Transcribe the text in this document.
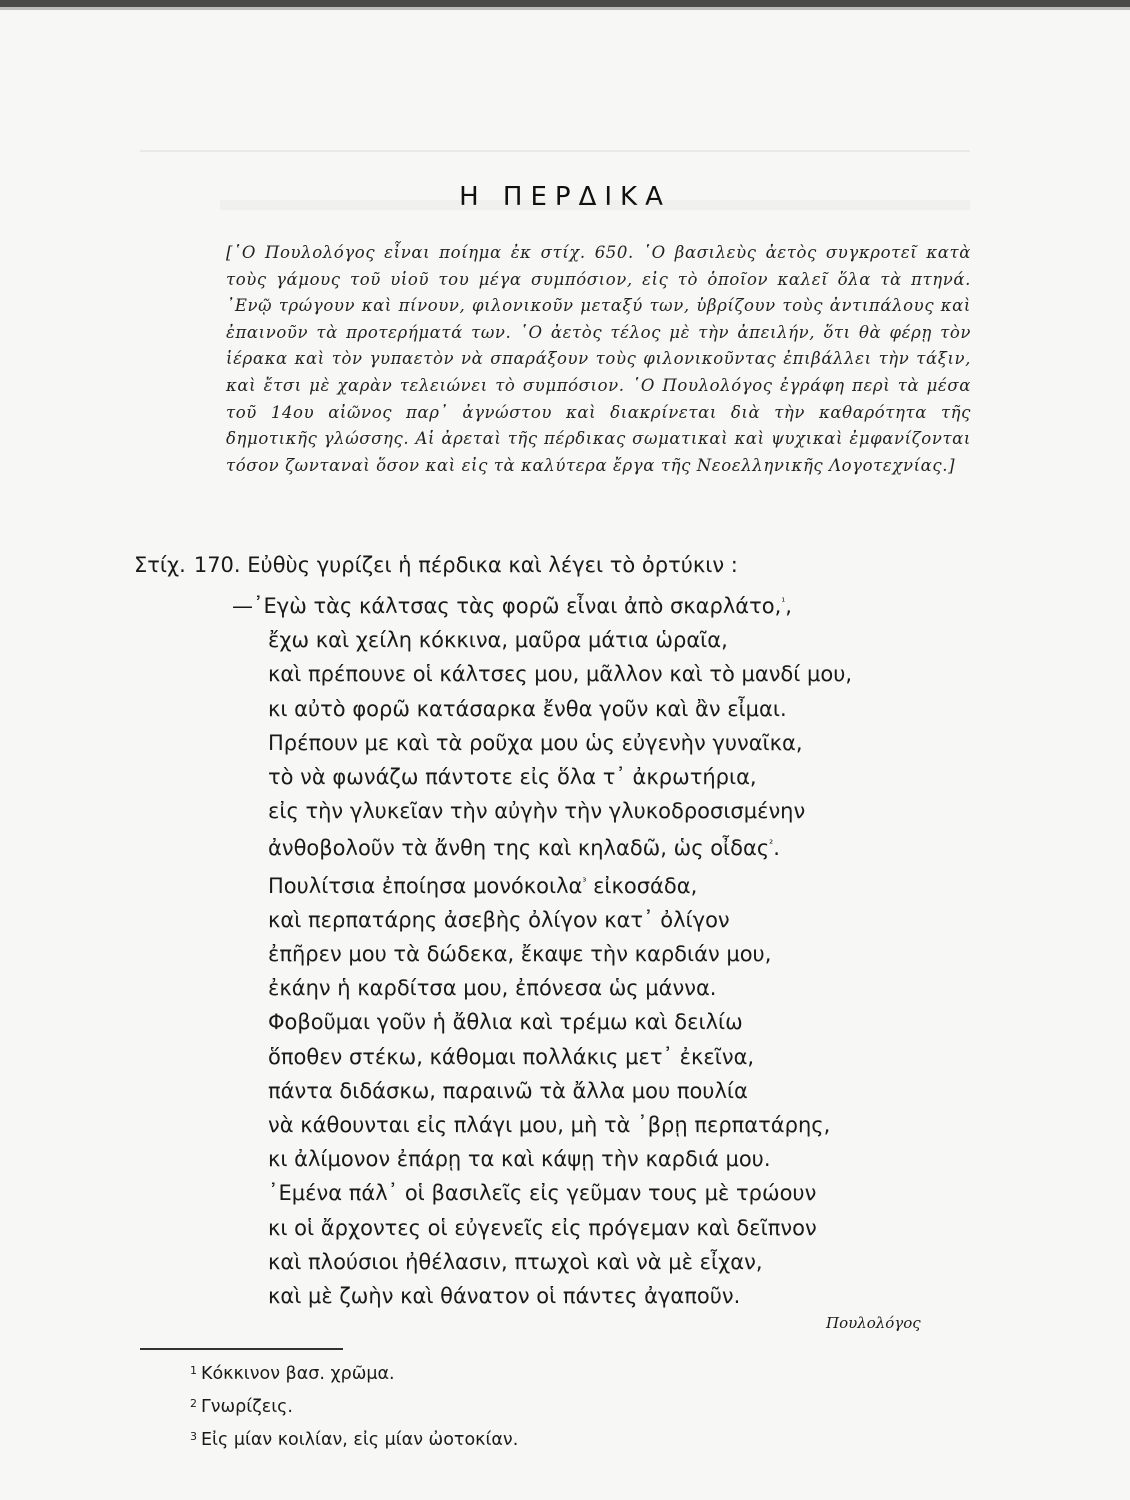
Η ΠΕΡΔΙΚΑ
[῾Ο Πουλολόγος εἶναι ποίημα ἐκ στίχ. 650. ῾Ο βασιλεὺς ἀετὸς συγκροτεῖ κατὰ τοὺς γάμους τοῦ υἱοῦ του μέγα συμπόσιον, εἰς τὸ ὁποῖον καλεῖ ὅλα τὰ πτηνά. ᾿Ενῷ τρώγουν καὶ πίνουν, φιλονικοῦν μεταξύ των, ὑβρίζουν τοὺς ἀντιπάλους καὶ ἐπαινοῦν τὰ προτερήματά των. ῾Ο ἀετὸς τέλος μὲ τὴν ἀπειλήν, ὅτι θὰ φέρῃ τὸν ἱέρακα καὶ τὸν γυπαετὸν νὰ σπαράξουν τοὺς φιλονικοῦντας ἐπιβάλλει τὴν τάξιν, καὶ ἔτσι μὲ χαρὰν τελειώνει τὸ συμπόσιον. ῾Ο Πουλολόγος ἐγράφη περὶ τὰ μέσα τοῦ 14ου αἰῶνος παρ᾿ ἀγνώστου καὶ διακρίνεται διὰ τὴν καθαρότητα τῆς δημοτικῆς γλώσσης. Αἱ ἀρεταὶ τῆς πέρδικας σωματικαὶ καὶ ψυχικαὶ ἐμφανίζονται τόσον ζωνταναὶ ὅσον καὶ εἰς τὰ καλύτερα ἔργα τῆς Νεοελληνικῆς Λογοτεχνίας.]
Στίχ. 170. Εὐθὺς γυρίζει ἡ πέρδικα καὶ λέγει τὸ ὀρτύκιν :
—᾿Εγὼ τὰς κάλτσας τὰς φορῶ εἶναι ἀπὸ σκαρλάτο,$^{^1}$,
ἔχω καὶ χείλη κόκκινα, μαῦρα μάτια ὡραῖα,
καὶ πρέπουνε οἱ κάλτσες μου, μᾶλλον καὶ τὸ μανδί μου,
κι αὐτὸ φορῶ κατάσαρκα ἔνθα γοῦν καὶ ἂν εἶμαι.
Πρέπουν με καὶ τὰ ροῦχα μου ὡς εὐγενὴν γυναῖκα,
τὸ νὰ φωνάζω πάντοτε εἰς ὅλα τ᾿ ἀκρωτήρια,
εἰς τὴν γλυκεῖαν τὴν αὐγὴν τὴν γλυκοδροσισμένην
ἀνθοβολοῦν τὰ ἄνθη της καὶ κηλαδῶ, ὡς οἶδας$^{^2}$.
Πουλίτσια ἐποίησα μονόκοιλα$^{^3}$ εἰκοσάδα,
καὶ περπατάρης ἀσεβὴς ὀλίγον κατ᾿ ὀλίγον
ἐπῆρεν μου τὰ δώδεκα, ἔκαψε τὴν καρδιάν μου,
ἐκάην ἡ καρδίτσα μου, ἐπόνεσα ὡς μάννα.
Φοβοῦμαι γοῦν ἡ ἄθλια καὶ τρέμω καὶ δειλίω
ὅποθεν στέκω, κάθομαι πολλάκις μετ᾿ ἐκεῖνα,
πάντα διδάσκω, παραινῶ τὰ ἄλλα μου πουλία
νὰ κάθουνται εἰς πλάγι μου, μὴ τὰ ᾿βρῃ περπατάρης,
κι ἀλίμονον ἐπάρῃ τα καὶ κάψῃ τὴν καρδιά μου.
᾿Εμένα πάλ᾿ οἱ βασιλεῖς εἰς γεῦμαν τους μὲ τρώουν
κι οἱ ἄρχοντες οἱ εὐγενεῖς εἰς πρόγεμαν καὶ δεῖπνον
καὶ πλούσιοι ἠθέλασιν, πτωχοὶ καὶ νὰ μὲ εἶχαν,
καὶ μὲ ζωὴν καὶ θάνατον οἱ πάντες ἀγαποῦν.
Πουλολόγος
$^1$ Κόκκινον βασ. χρῶμα.
$^2$ Γνωρίζεις.
$^3$ Εἰς μίαν κοιλίαν, εἰς μίαν ὠοτοκίαν.
